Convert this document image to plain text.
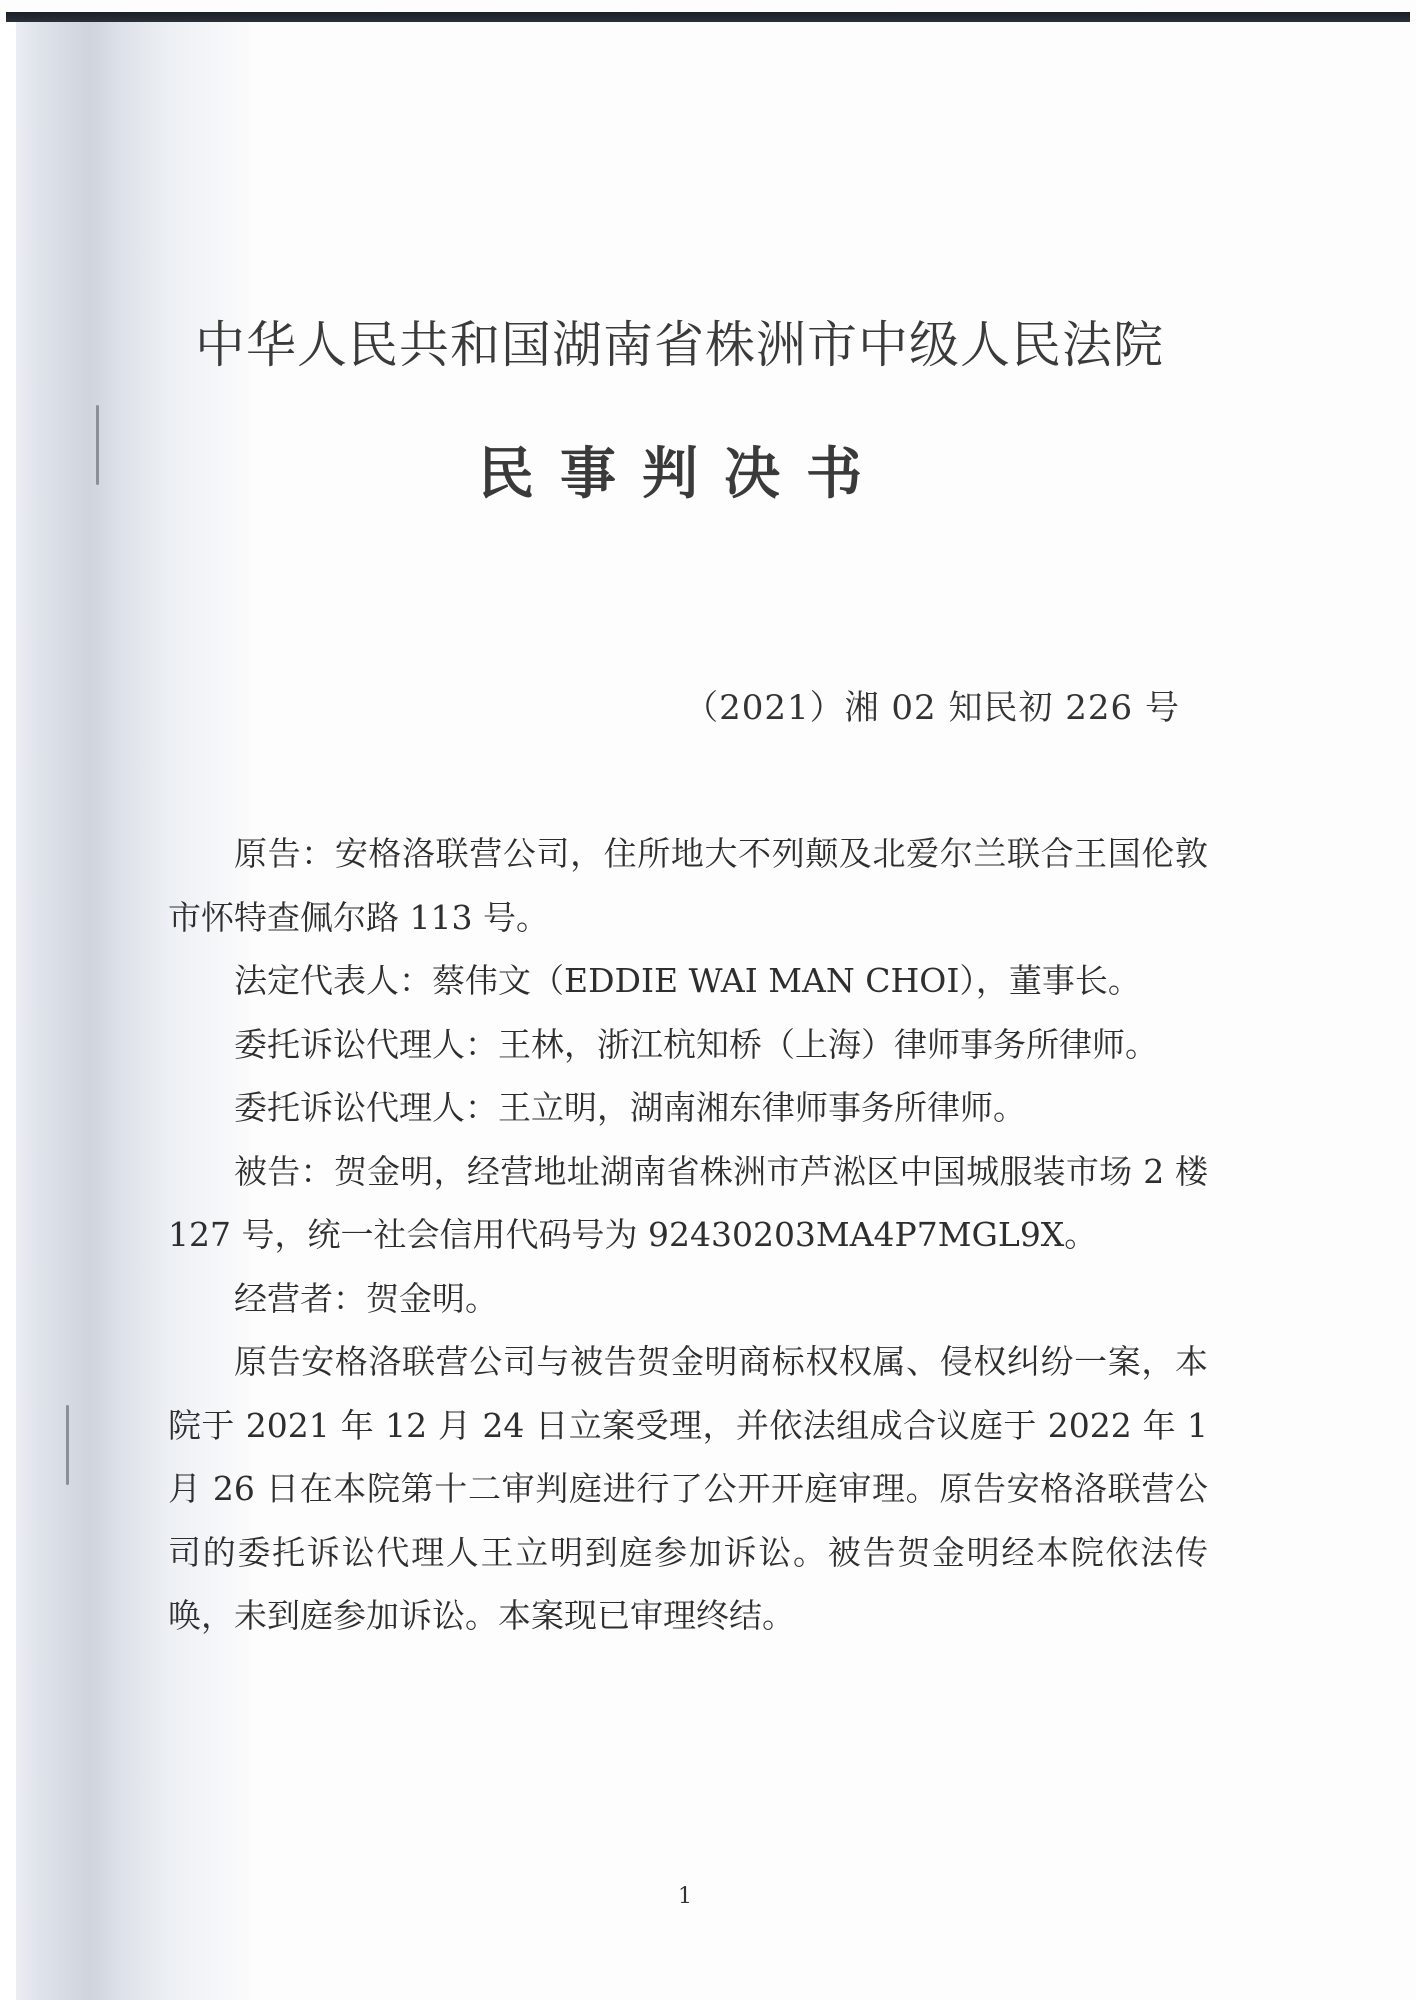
中华人民共和国湖南省株洲市中级人民法院
民事判决书
（2021）湘 02 知民初 226 号

原告：安格洛联营公司，住所地大不列颠及北爱尔兰联合王国伦敦市怀特查佩尔路 113 号。

法定代表人：蔡伟文（EDDIE WAI MAN CHOI），董事长。

委托诉讼代理人：王林，浙江杭知桥（上海）律师事务所律师。

委托诉讼代理人：王立明，湖南湘东律师事务所律师。

被告：贺金明，经营地址湖南省株洲市芦淞区中国城服装市场 2 楼 127 号，统一社会信用代码号为 92430203MA4P7MGL9X。

经营者：贺金明。

原告安格洛联营公司与被告贺金明商标权权属、侵权纠纷一案，本院于 2021 年 12 月 24 日立案受理，并依法组成合议庭于 2022 年 1 月 26 日在本院第十二审判庭进行了公开开庭审理。原告安格洛联营公司的委托诉讼代理人王立明到庭参加诉讼。被告贺金明经本院依法传唤，未到庭参加诉讼。本案现已审理终结。

1
